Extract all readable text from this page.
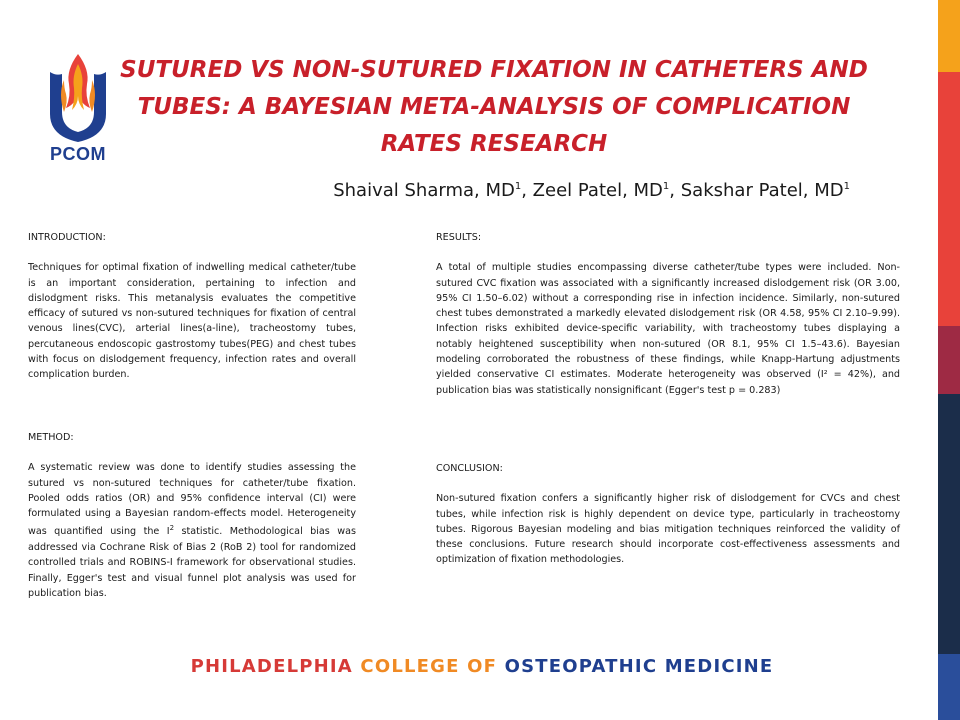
PCOM
SUTURED VS NON-SUTURED FIXATION IN CATHETERS AND TUBES: A BAYESIAN META-ANALYSIS OF COMPLICATION RATES RESEARCH
Shaival Sharma, $MD^1$, Zeel Patel, $MD^1$, Sakshar Patel, $MD^1$

INTRODUCTION:

Techniques for optimal fixation of indwelling medical catheter/tube is an important consideration, pertaining to infection and dislodgment risks. This metanalysis evaluates the competitive efficacy of sutured vs non-sutured techniques for fixation of central venous lines(CVC), arterial lines(a-line), tracheostomy tubes, percutaneous endoscopic gastrostomy tubes(PEG) and chest tubes with focus on dislodgement frequency, infection rates and overall complication burden.

METHOD:

A systematic review was done to identify studies assessing the sutured vs non-sutured techniques for catheter/tube fixation. Pooled odds ratios (OR) and 95% confidence interval (CI) were formulated using a Bayesian random-effects model. Heterogeneity was quantified using the $I^2$ statistic. Methodological bias was addressed via Cochrane Risk of Bias 2 (RoB 2) tool for randomized controlled trials and ROBINS-I framework for observational studies. Finally, Egger's test and visual funnel plot analysis was used for publication bias.

RESULTS:

A total of multiple studies encompassing diverse catheter/tube types were included. Non-sutured CVC fixation was associated with a significantly increased dislodgement risk (OR 3.00, 95% CI 1.50–6.02) without a corresponding rise in infection incidence. Similarly, non-sutured chest tubes demonstrated a markedly elevated dislodgement risk (OR 4.58, 95% CI 2.10–9.99). Infection risks exhibited device-specific variability, with tracheostomy tubes displaying a notably heightened susceptibility when non-sutured (OR 8.1, 95% CI 1.5–43.6). Bayesian modeling corroborated the robustness of these findings, while Knapp-Hartung adjustments yielded conservative CI estimates. Moderate heterogeneity was observed (I² = 42%), and publication bias was statistically nonsignificant (Egger's test p = 0.283)

CONCLUSION:

Non-sutured fixation confers a significantly higher risk of dislodgement for CVCs and chest tubes, while infection risk is highly dependent on device type, particularly in tracheostomy tubes. Rigorous Bayesian modeling and bias mitigation techniques reinforced the validity of these conclusions. Future research should incorporate cost-effectiveness assessments and optimization of fixation methodologies.

PHILADELPHIA COLLEGE OF OSTEOPATHIC MEDICINE
